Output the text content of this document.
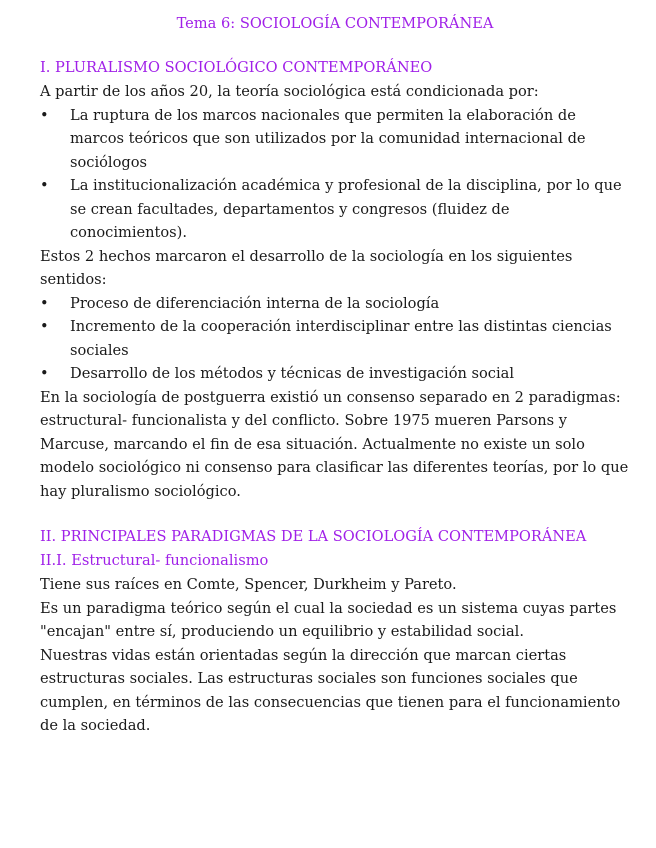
Tema 6: SOCIOLOGÍA CONTEMPORÁNEA
I. PLURALISMO SOCIOLÓGICO CONTEMPORÁNEO

A partir de los años 20, la teoría sociológica está condicionada por:

• La ruptura de los marcos nacionales que permiten la elaboración de marcos teóricos que son utilizados por la comunidad internacional de sociólogos
• La institucionalización académica y profesional de la disciplina, por lo que se crean facultades, departamentos y congresos (fluidez de conocimientos).

Estos 2 hechos marcaron el desarrollo de la sociología en los siguientes sentidos:

• Proceso de diferenciación interna de la sociología
• Incremento de la cooperación interdisciplinar entre las distintas ciencias sociales
• Desarrollo de los métodos y técnicas de investigación social

En la sociología de postguerra existió un consenso separado en 2 paradigmas: estructural- funcionalista y del conflicto. Sobre 1975 mueren Parsons y Marcuse, marcando el fin de esa situación. Actualmente no existe un solo modelo sociológico ni consenso para clasificar las diferentes teorías, por lo que hay pluralismo sociológico.

II. PRINCIPALES PARADIGMAS DE LA SOCIOLOGÍA CONTEMPORÁNEA
II.I. Estructural- funcionalismo

Tiene sus raíces en Comte, Spencer, Durkheim y Pareto.

Es un paradigma teórico según el cual la sociedad es un sistema cuyas partes "encajan" entre sí, produciendo un equilibrio y estabilidad social.

Nuestras vidas están orientadas según la dirección que marcan ciertas estructuras sociales. Las estructuras sociales son funciones sociales que cumplen, en términos de las consecuencias que tienen para el funcionamiento de la sociedad.
